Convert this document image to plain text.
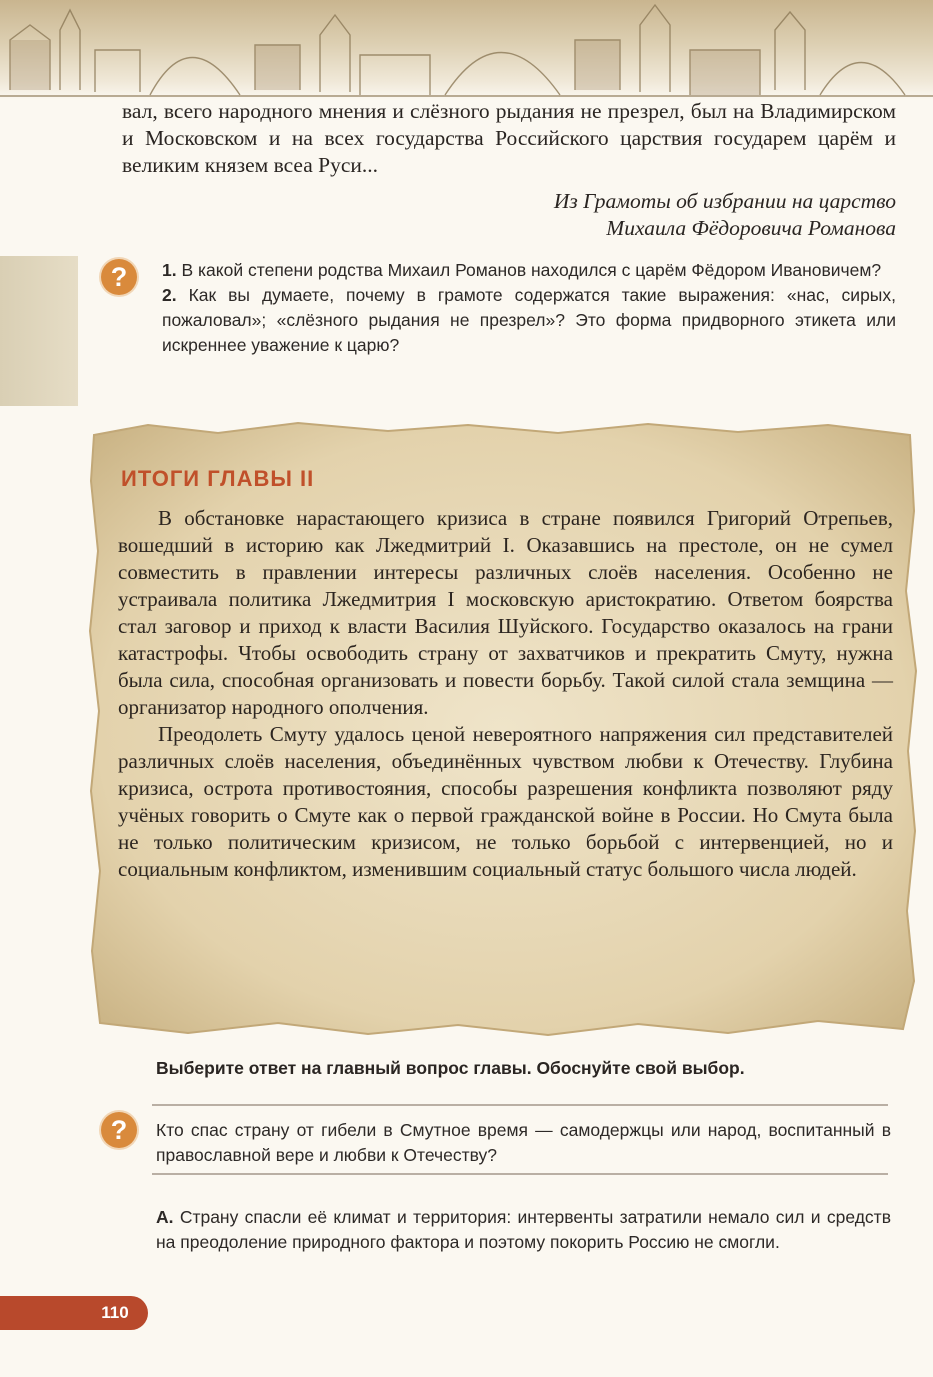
вал, всего народного мнения и слёзного рыдания не презрел, был на Владимирском и Московском и на всех государства Российского царствия государем царём и великим князем всеа Руси...

Из Грамоты об избрании на царство
Михаила Фёдоровича Романова
?	1. В какой степени родства Михаил Романов находился с царём Фёдором Ивановичем?

2. Как вы думаете, почему в грамоте содержатся такие выражения: «нас, сирых, пожаловал»; «слёзного рыдания не презрел»? Это форма придворного этикета или искреннее уважение к царю?

ИТОГИ ГЛАВЫ II

В обстановке нарастающего кризиса в стране появился Григорий Отрепьев, вошедший в историю как Лжедмитрий I. Оказавшись на престоле, он не сумел совместить в правлении интересы различных слоёв населения. Особенно не устраивала политика Лжедмитрия I московскую аристократию. Ответом боярства стал заговор и приход к власти Василия Шуйского. Государство оказалось на грани катастрофы. Чтобы освободить страну от захватчиков и прекратить Смуту, нужна была сила, способная организовать и повести борьбу. Такой силой стала земщина — организатор народного ополчения.

Преодолеть Смуту удалось ценой невероятного напряжения сил представителей различных слоёв населения, объединённых чувством любви к Отечеству. Глубина кризиса, острота противостояния, способы разрешения конфликта позволяют ряду учёных говорить о Смуте как о первой гражданской войне в России. Но Смута была не только политическим кризисом, не только борьбой с интервенцией, но и социальным конфликтом, изменившим социальный статус большого числа людей.

Выберите ответ на главный вопрос главы. Обоснуйте свой выбор.
?	Кто спас страну от гибели в Смутное время — самодержцы или народ, воспитанный в православной вере и любви к Отечеству?
А. Страну спасли её климат и территория: интервенты затратили немало сил и средств на преодоление природного фактора и поэтому покорить Россию не смогли.
110
